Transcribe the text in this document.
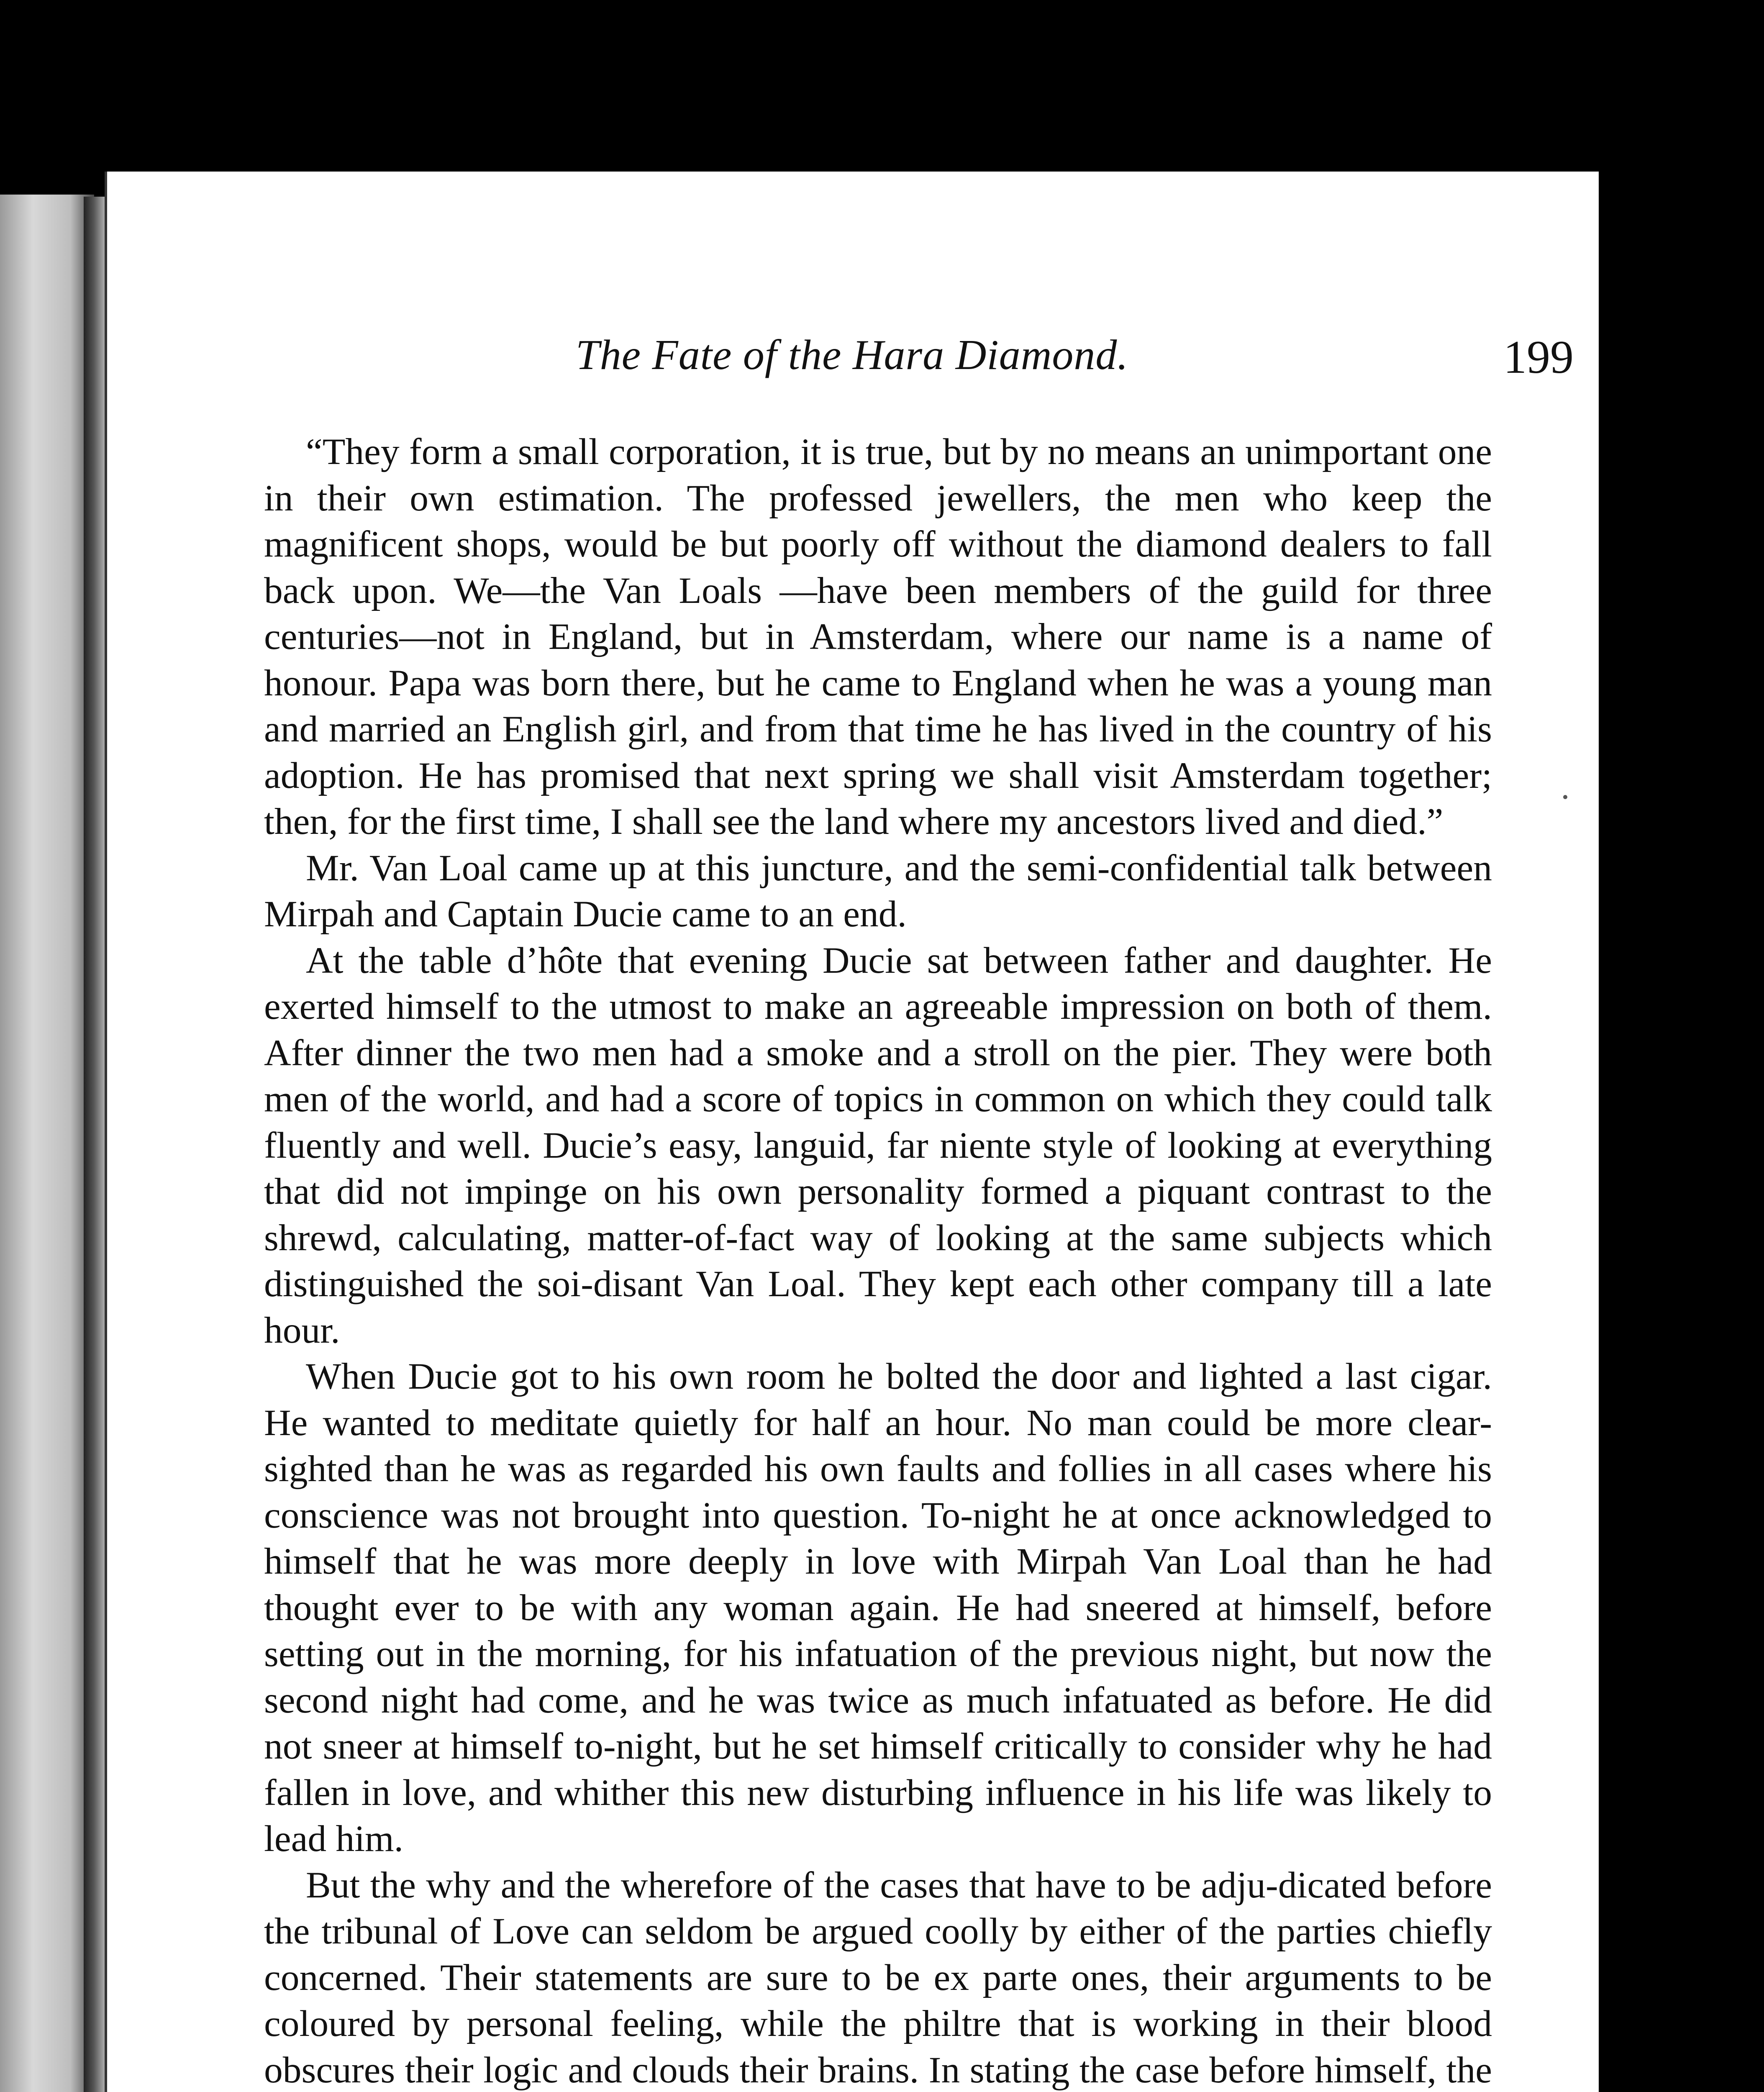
The Fate of the Hara Diamond.	199

“They form a small corporation, it is true, but by no means an unimportant one in their own estimation. The professed jewellers, the men who keep the magnificent shops, would be but poorly off without the diamond dealers to fall back upon. We—the Van Loals —have been members of the guild for three centuries—not in England, but in Amsterdam, where our name is a name of honour. Papa was born there, but he came to England when he was a young man and married an English girl, and from that time he has lived in the country of his adoption. He has promised that next spring we shall visit Amsterdam together; then, for the first time, I shall see the land where my ancestors lived and died.”

Mr. Van Loal came up at this juncture, and the semi-confidential talk between Mirpah and Captain Ducie came to an end.

At the table d’hôte that evening Ducie sat between father and daughter. He exerted himself to the utmost to make an agreeable impression on both of them. After dinner the two men had a smoke and a stroll on the pier. They were both men of the world, and had a score of topics in common on which they could talk fluently and well. Ducie’s easy, languid, far niente style of looking at everything that did not impinge on his own personality formed a piquant contrast to the shrewd, calculating, matter-of-fact way of looking at the same subjects which distinguished the soi-disant Van Loal. They kept each other company till a late hour.

When Ducie got to his own room he bolted the door and lighted a last cigar. He wanted to meditate quietly for half an hour. No man could be more clear-sighted than he was as regarded his own faults and follies in all cases where his conscience was not brought into question. To-night he at once acknowledged to himself that he was more deeply in love with Mirpah Van Loal than he had thought ever to be with any woman again. He had sneered at himself, before setting out in the morning, for his infatuation of the previous night, but now the second night had come, and he was twice as much infatuated as before. He did not sneer at himself to-night, but he set himself critically to consider why he had fallen in love, and whither this new disturbing influence in his life was likely to lead him.

But the why and the wherefore of the cases that have to be adju-dicated before the tribunal of Love can seldom be argued coolly by either of the parties chiefly concerned. Their statements are sure to be ex parte ones, their arguments to be coloured by personal feeling, while the philtre that is working in their blood obscures their logic and clouds their brains. In stating the case before himself, the
